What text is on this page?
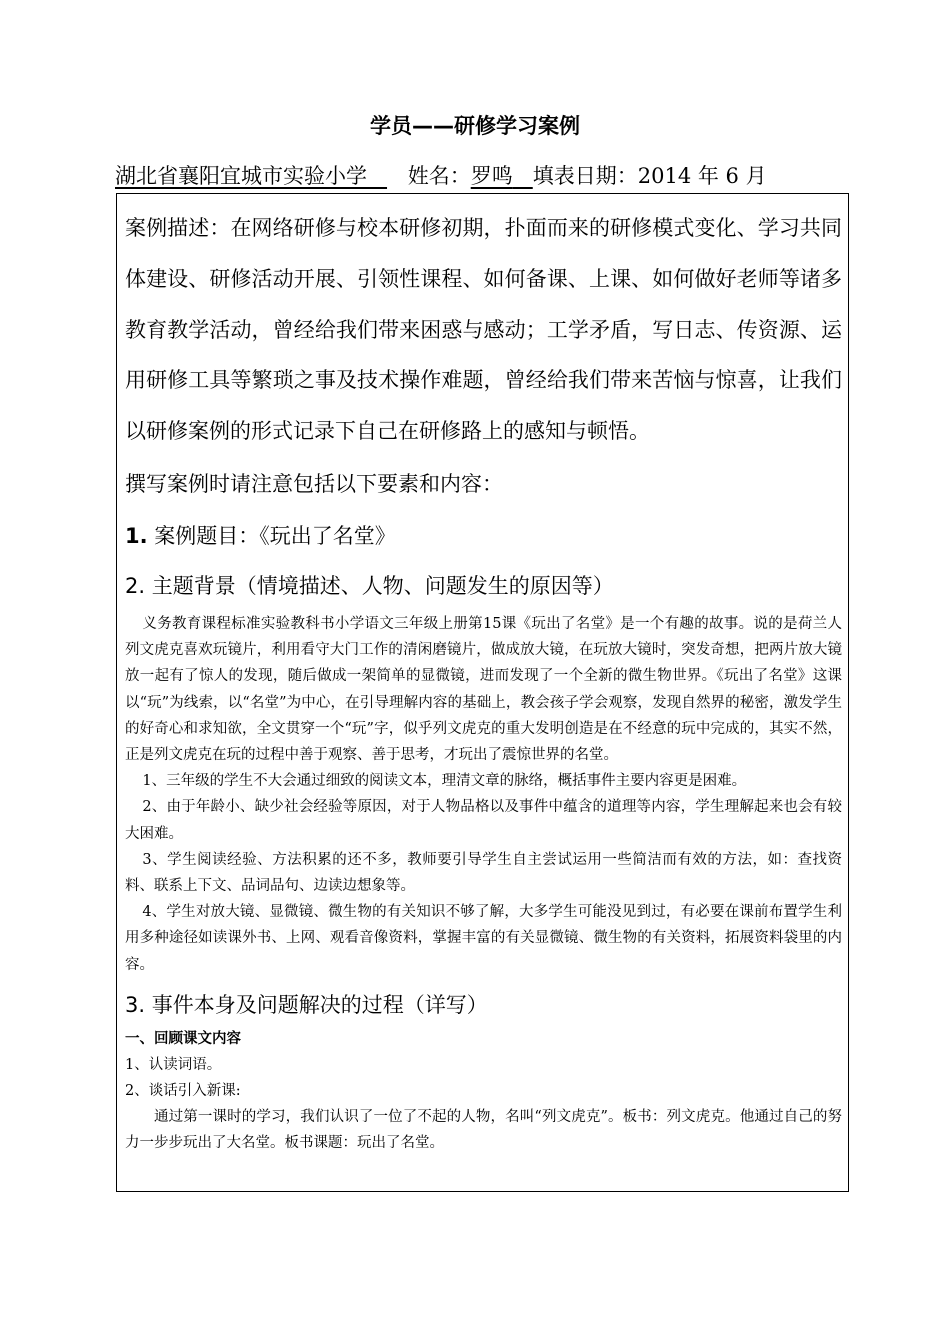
学员——研修学习案例
湖北省襄阳宜城市实验小学 姓名：罗鸣 填表日期：2014 年 6 月

案例描述：在网络研修与校本研修初期，扑面而来的研修模式变化、学习共同体建设、研修活动开展、引领性课程、如何备课、上课、如何做好老师等诸多教育教学活动，曾经给我们带来困惑与感动；工学矛盾，写日志、传资源、运用研修工具等繁琐之事及技术操作难题，曾经给我们带来苦恼与惊喜，让我们以研修案例的形式记录下自己在研修路上的感知与顿悟。

撰写案例时请注意包括以下要素和内容：

1. 案例题目：《玩出了名堂》

2. 主题背景（情境描述、人物、问题发生的原因等）

义务教育课程标准实验教科书小学语文三年级上册第15课《玩出了名堂》是一个有趣的故事。说的是荷兰人列文虎克喜欢玩镜片，利用看守大门工作的清闲磨镜片，做成放大镜，在玩放大镜时，突发奇想，把两片放大镜放一起有了惊人的发现，随后做成一架简单的显微镜，进而发现了一个全新的微生物世界。《玩出了名堂》这课以“玩”为线索，以“名堂”为中心，在引导理解内容的基础上，教会孩子学会观察，发现自然界的秘密，激发学生的好奇心和求知欲，全文贯穿一个“玩”字，似乎列文虎克的重大发明创造是在不经意的玩中完成的，其实不然，正是列文虎克在玩的过程中善于观察、善于思考，才玩出了震惊世界的名堂。

1、三年级的学生不大会通过细致的阅读文本，理清文章的脉络，概括事件主要内容更是困难。

2、由于年龄小、缺少社会经验等原因，对于人物品格以及事件中蕴含的道理等内容，学生理解起来也会有较大困难。

3、学生阅读经验、方法积累的还不多，教师要引导学生自主尝试运用一些简洁而有效的方法，如：查找资料、联系上下文、品词品句、边读边想象等。

4、学生对放大镜、显微镜、微生物的有关知识不够了解，大多学生可能没见到过，有必要在课前布置学生利用多种途径如读课外书、上网、观看音像资料，掌握丰富的有关显微镜、微生物的有关资料，拓展资料袋里的内容。

3. 事件本身及问题解决的过程（详写）

一、回顾课文内容

1、认读词语。

2、谈话引入新课:

通过第一课时的学习，我们认识了一位了不起的人物，名叫“列文虎克”。板书：列文虎克。他通过自己的努力一步步玩出了大名堂。板书课题：玩出了名堂。
